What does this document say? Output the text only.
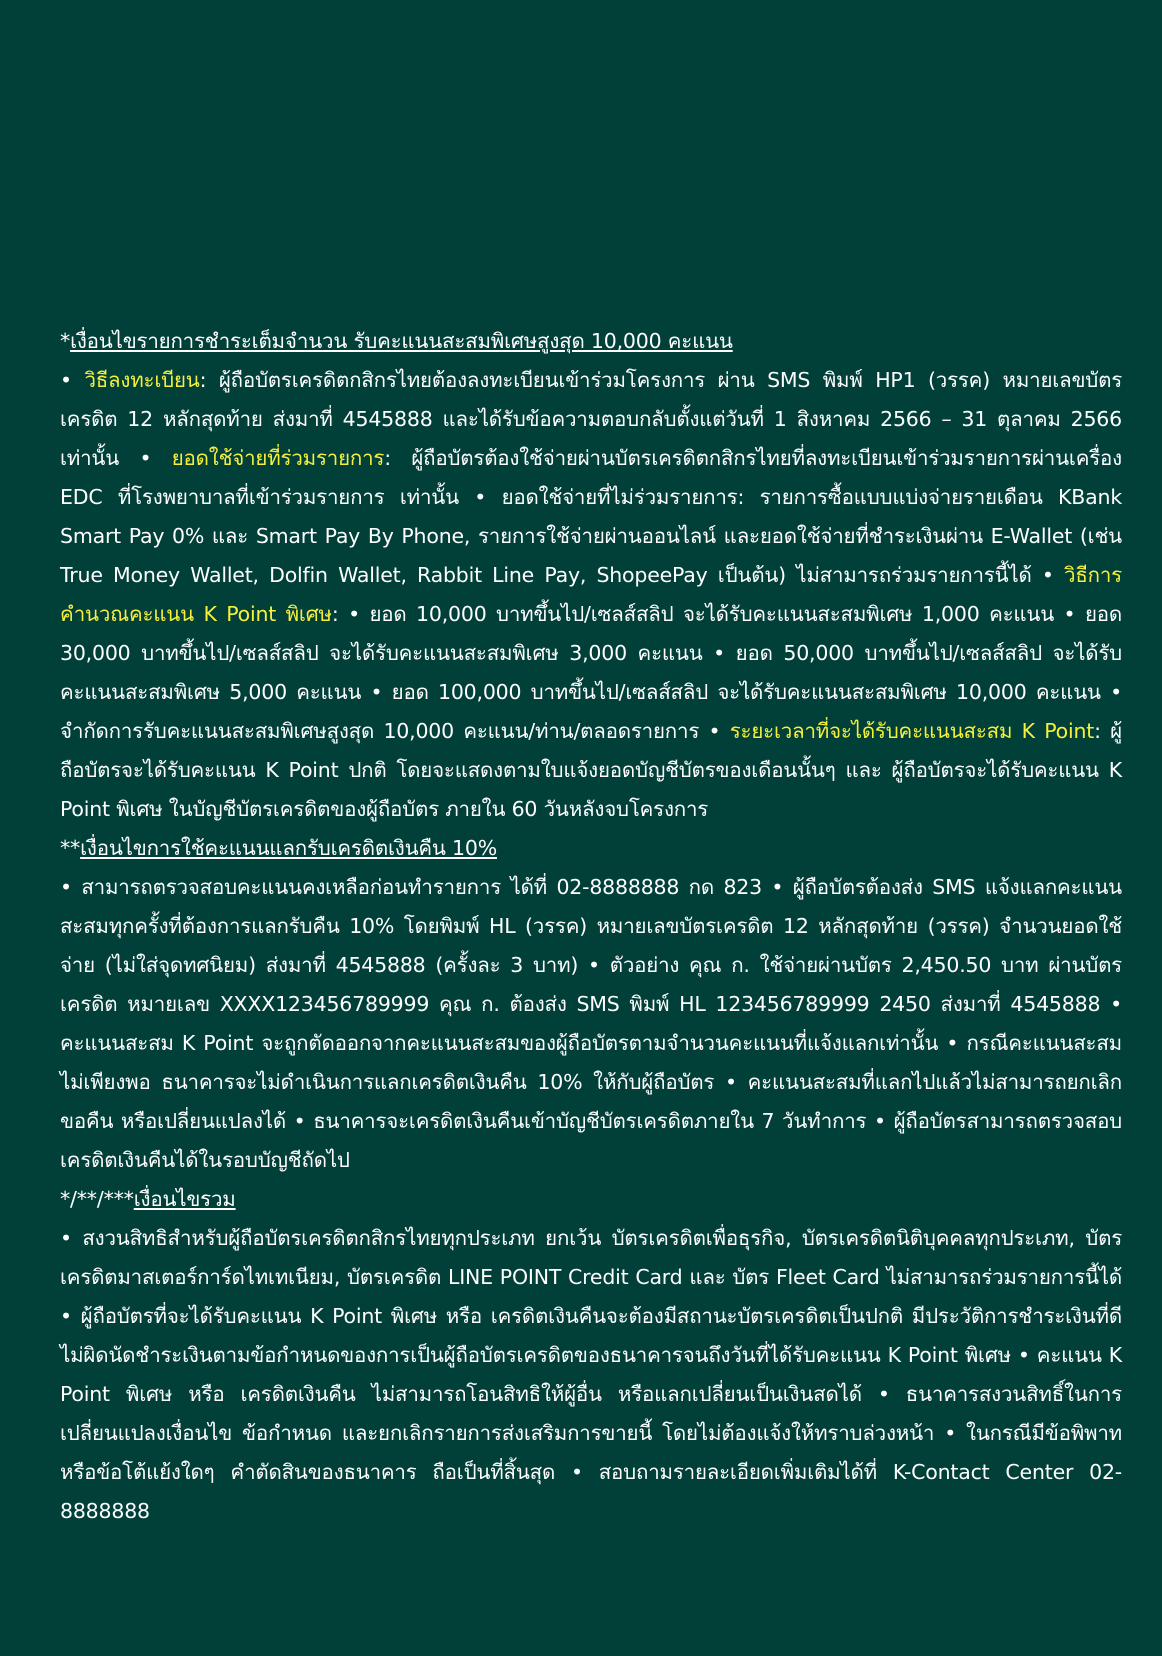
*เงื่อนไขรายการชำระเต็มจำนวน รับคะแนนสะสมพิเศษสูงสุด 10,000 คะแนน

• วิธีลงทะเบียน: ผู้ถือบัตรเครดิตกสิกรไทยต้องลงทะเบียนเข้าร่วมโครงการ ผ่าน SMS พิมพ์ HP1 (วรรค) หมายเลขบัตรเครดิต 12 หลักสุดท้าย ส่งมาที่ 4545888 และได้รับข้อความตอบกลับตั้งแต่วันที่ 1 สิงหาคม 2566 – 31 ตุลาคม 2566 เท่านั้น • ยอดใช้จ่ายที่ร่วมรายการ: ผู้ถือบัตรต้องใช้จ่ายผ่านบัตรเครดิตกสิกรไทยที่ลงทะเบียนเข้าร่วมรายการผ่านเครื่อง EDC ที่โรงพยาบาลที่เข้าร่วมรายการ เท่านั้น • ยอดใช้จ่ายที่ไม่ร่วมรายการ: รายการซื้อแบบแบ่งจ่ายรายเดือน KBank Smart Pay 0% และ Smart Pay By Phone, รายการใช้จ่ายผ่านออนไลน์ และยอดใช้จ่ายที่ชำระเงินผ่าน E-Wallet (เช่น True Money Wallet, Dolfin Wallet, Rabbit Line Pay, ShopeePay เป็นต้น) ไม่สามารถร่วมรายการนี้ได้ • วิธีการคำนวณคะแนน K Point พิเศษ: • ยอด 10,000 บาทขึ้นไป/เซลส์สลิป จะได้รับคะแนนสะสมพิเศษ 1,000 คะแนน • ยอด 30,000 บาทขึ้นไป/เซลส์สลิป จะได้รับคะแนนสะสมพิเศษ 3,000 คะแนน • ยอด 50,000 บาทขึ้นไป/เซลส์สลิป จะได้รับคะแนนสะสมพิเศษ 5,000 คะแนน • ยอด 100,000 บาทขึ้นไป/เซลส์สลิป จะได้รับคะแนนสะสมพิเศษ 10,000 คะแนน • จำกัดการรับคะแนนสะสมพิเศษสูงสุด 10,000 คะแนน/ท่าน/ตลอดรายการ • ระยะเวลาที่จะได้รับคะแนนสะสม K Point: ผู้ถือบัตรจะได้รับคะแนน K Point ปกติ โดยจะแสดงตามใบแจ้งยอดบัญชีบัตรของเดือนนั้นๆ และ ผู้ถือบัตรจะได้รับคะแนน K Point พิเศษ ในบัญชีบัตรเครดิตของผู้ถือบัตร ภายใน 60 วันหลังจบโครงการ

**เงื่อนไขการใช้คะแนนแลกรับเครดิตเงินคืน 10%

• สามารถตรวจสอบคะแนนคงเหลือก่อนทำรายการ ได้ที่ 02-8888888 กด 823 • ผู้ถือบัตรต้องส่ง SMS แจ้งแลกคะแนนสะสมทุกครั้งที่ต้องการแลกรับคืน 10% โดยพิมพ์ HL (วรรค) หมายเลขบัตรเครดิต 12 หลักสุดท้าย (วรรค) จำนวนยอดใช้จ่าย (ไม่ใส่จุดทศนิยม) ส่งมาที่ 4545888 (ครั้งละ 3 บาท) • ตัวอย่าง คุณ ก. ใช้จ่ายผ่านบัตร 2,450.50 บาท ผ่านบัตรเครดิต หมายเลข XXXX123456789999 คุณ ก. ต้องส่ง SMS พิมพ์ HL 123456789999 2450 ส่งมาที่ 4545888 • คะแนนสะสม K Point จะถูกตัดออกจากคะแนนสะสมของผู้ถือบัตรตามจำนวนคะแนนที่แจ้งแลกเท่านั้น • กรณีคะแนนสะสมไม่เพียงพอ ธนาคารจะไม่ดำเนินการแลกเครดิตเงินคืน 10% ให้กับผู้ถือบัตร • คะแนนสะสมที่แลกไปแล้วไม่สามารถยกเลิก ขอคืน หรือเปลี่ยนแปลงได้ • ธนาคารจะเครดิตเงินคืนเข้าบัญชีบัตรเครดิตภายใน 7 วันทำการ • ผู้ถือบัตรสามารถตรวจสอบเครดิตเงินคืนได้ในรอบบัญชีถัดไป

*/**/***เงื่อนไขรวม

• สงวนสิทธิสำหรับผู้ถือบัตรเครดิตกสิกรไทยทุกประเภท ยกเว้น บัตรเครดิตเพื่อธุรกิจ, บัตรเครดิตนิติบุคคลทุกประเภท, บัตรเครดิตมาสเตอร์การ์ดไทเทเนียม, บัตรเครดิต LINE POINT Credit Card และ บัตร Fleet Card ไม่สามารถร่วมรายการนี้ได้ • ผู้ถือบัตรที่จะได้รับคะแนน K Point พิเศษ หรือ เครดิตเงินคืนจะต้องมีสถานะบัตรเครดิตเป็นปกติ มีประวัติการชำระเงินที่ดี ไม่ผิดนัดชำระเงินตามข้อกำหนดของการเป็นผู้ถือบัตรเครดิตของธนาคารจนถึงวันที่ได้รับคะแนน K Point พิเศษ • คะแนน K Point พิเศษ หรือ เครดิตเงินคืน ไม่สามารถโอนสิทธิให้ผู้อื่น หรือแลกเปลี่ยนเป็นเงินสดได้ • ธนาคารสงวนสิทธิ์ในการเปลี่ยนแปลงเงื่อนไข ข้อกำหนด และยกเลิกรายการส่งเสริมการขายนี้ โดยไม่ต้องแจ้งให้ทราบล่วงหน้า • ในกรณีมีข้อพิพาท หรือข้อโต้แย้งใดๆ คำตัดสินของธนาคาร ถือเป็นที่สิ้นสุด • สอบถามรายละเอียดเพิ่มเติมได้ที่ K-Contact Center 02-8888888
